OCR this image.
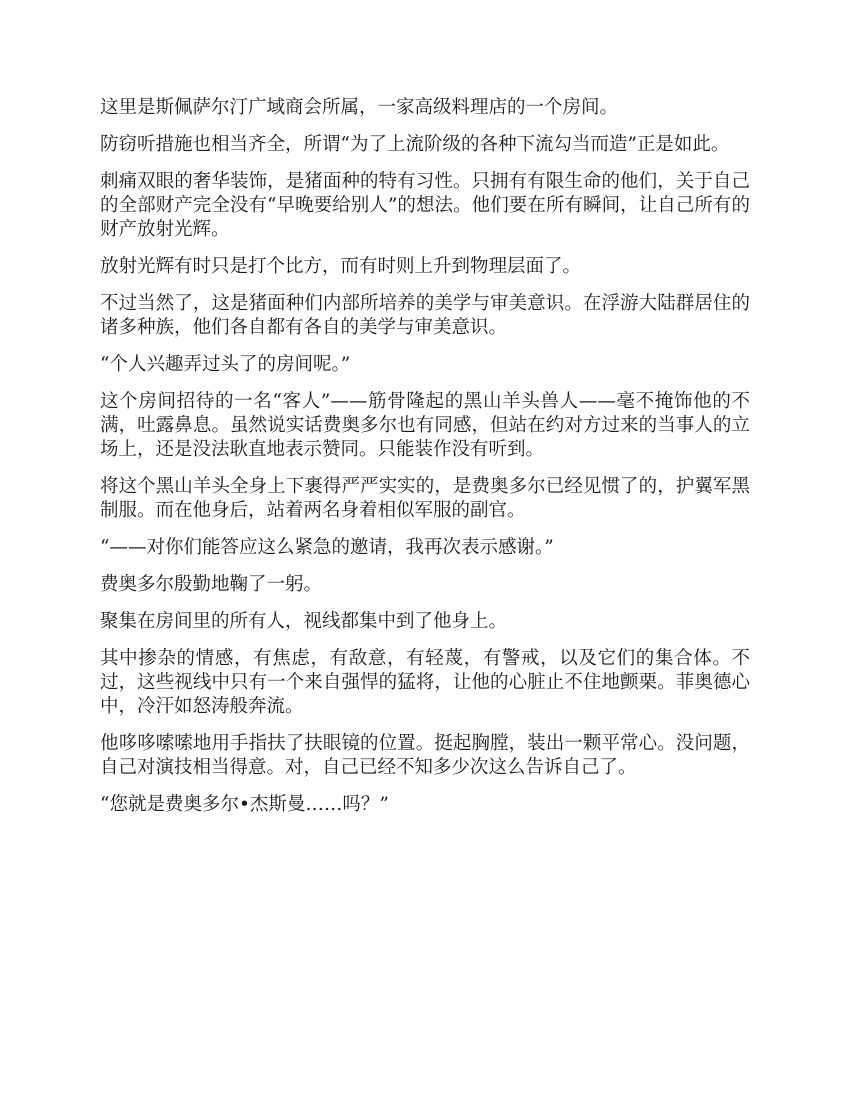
这里是斯佩萨尔汀广域商会所属，一家高级料理店的一个房间。

防窃听措施也相当齐全，所谓“为了上流阶级的各种下流勾当而造”正是如此。

刺痛双眼的奢华装饰，是猪面种的特有习性。只拥有有限生命的他们，关于自己的全部财产完全没有“早晚要给别人”的想法。他们要在所有瞬间，让自己所有的财产放射光辉。

放射光辉有时只是打个比方，而有时则上升到物理层面了。

不过当然了，这是猪面种们内部所培养的美学与审美意识。在浮游大陆群居住的诸多种族，他们各自都有各自的美学与审美意识。

“个人兴趣弄过头了的房间呢。”

这个房间招待的一名“客人”——筋骨隆起的黑山羊头兽人——毫不掩饰他的不满，吐露鼻息。虽然说实话费奥多尔也有同感，但站在约对方过来的当事人的立场上，还是没法耿直地表示赞同。只能装作没有听到。

将这个黑山羊头全身上下裹得严严实实的，是费奥多尔已经见惯了的，护翼军黑制服。而在他身后，站着两名身着相似军服的副官。

“——对你们能答应这么紧急的邀请，我再次表示感谢。”

费奥多尔殷勤地鞠了一躬。

聚集在房间里的所有人，视线都集中到了他身上。

其中掺杂的情感，有焦虑，有敌意，有轻蔑，有警戒，以及它们的集合体。不过，这些视线中只有一个来自强悍的猛将，让他的心脏止不住地颤栗。菲奥德心中，冷汗如怒涛般奔流。

他哆哆嗦嗦地用手指扶了扶眼镜的位置。挺起胸膛，装出一颗平常心。没问题，自己对演技相当得意。对，自己已经不知多少次这么告诉自己了。

“您就是费奥多尔•杰斯曼……吗？”
